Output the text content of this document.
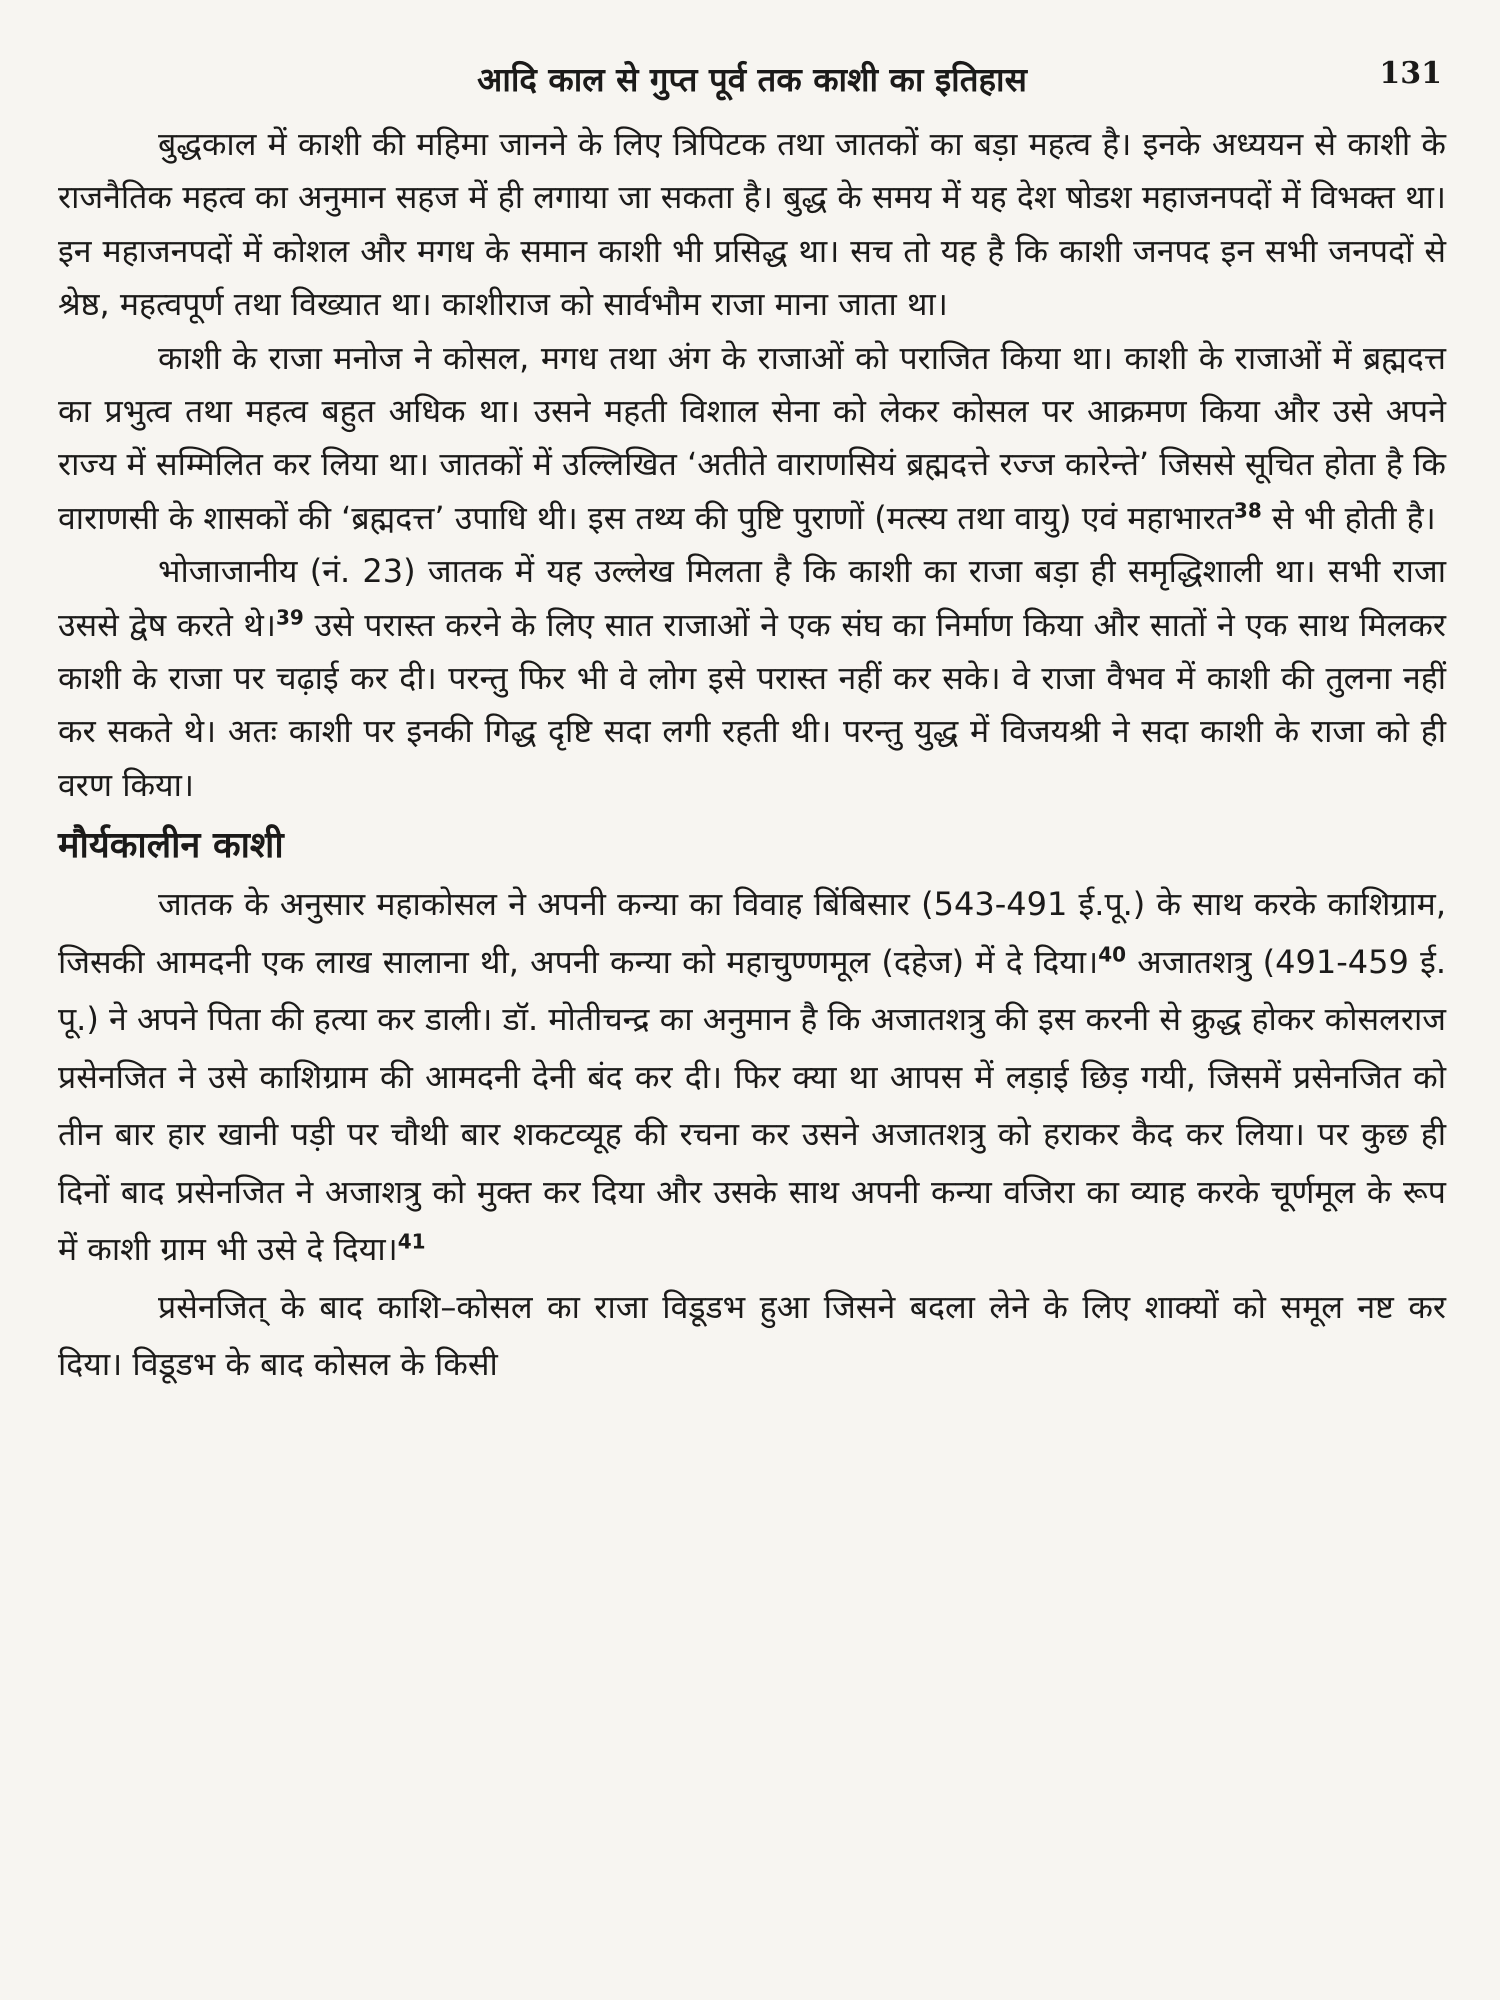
आदि काल से गुप्त पूर्व तक काशी का इतिहास	131

बुद्धकाल में काशी की महिमा जानने के लिए त्रिपिटक तथा जातकों का बड़ा महत्व है। इनके अध्ययन से काशी के राजनैतिक महत्व का अनुमान सहज में ही लगाया जा सकता है। बुद्ध के समय में यह देश षोडश महाजनपदों में विभक्त था। इन महाजनपदों में कोशल और मगध के समान काशी भी प्रसिद्ध था। सच तो यह है कि काशी जनपद इन सभी जनपदों से श्रेष्ठ, महत्वपूर्ण तथा विख्यात था। काशीराज को सार्वभौम राजा माना जाता था।

काशी के राजा मनोज ने कोसल, मगध तथा अंग के राजाओं को पराजित किया था। काशी के राजाओं में ब्रह्मदत्त का प्रभुत्व तथा महत्व बहुत अधिक था। उसने महती विशाल सेना को लेकर कोसल पर आक्रमण किया और उसे अपने राज्य में सम्मिलित कर लिया था। जातकों में उल्लिखित ‘अतीते वाराणसियं ब्रह्मदत्ते रज्ज कारेन्ते’ जिससे सूचित होता है कि वाराणसी के शासकों की ‘ब्रह्मदत्त’ उपाधि थी। इस तथ्य की पुष्टि पुराणों (मत्स्य तथा वायु) एवं महाभारत$^{38}$ से भी होती है।

भोजाजानीय (नं. 23) जातक में यह उल्लेख मिलता है कि काशी का राजा बड़ा ही समृद्धिशाली था। सभी राजा उससे द्वेष करते थे।$^{39}$ उसे परास्त करने के लिए सात राजाओं ने एक संघ का निर्माण किया और सातों ने एक साथ मिलकर काशी के राजा पर चढ़ाई कर दी। परन्तु फिर भी वे लोग इसे परास्त नहीं कर सके। वे राजा वैभव में काशी की तुलना नहीं कर सकते थे। अतः काशी पर इनकी गिद्ध दृष्टि सदा लगी रहती थी। परन्तु युद्ध में विजयश्री ने सदा काशी के राजा को ही वरण किया।

मौर्यकालीन काशी

जातक के अनुसार महाकोसल ने अपनी कन्या का विवाह बिंबिसार (543-491 ई.पू.) के साथ करके काशिग्राम, जिसकी आमदनी एक लाख सालाना थी, अपनी कन्या को महाचुण्णमूल (दहेज) में दे दिया।$^{40}$ अजातशत्रु (491-459 ई. पू.) ने अपने पिता की हत्या कर डाली। डॉ. मोतीचन्द्र का अनुमान है कि अजातशत्रु की इस करनी से क्रुद्ध होकर कोसलराज प्रसेनजित ने उसे काशिग्राम की आमदनी देनी बंद कर दी। फिर क्या था आपस में लड़ाई छिड़ गयी, जिसमें प्रसेनजित को तीन बार हार खानी पड़ी पर चौथी बार शकटव्यूह की रचना कर उसने अजातशत्रु को हराकर कैद कर लिया। पर कुछ ही दिनों बाद प्रसेनजित ने अजाशत्रु को मुक्त कर दिया और उसके साथ अपनी कन्या वजिरा का व्याह करके चूर्णमूल के रूप में काशी ग्राम भी उसे दे दिया।$^{41}$

प्रसेनजित् के बाद काशि–कोसल का राजा विडूडभ हुआ जिसने बदला लेने के लिए शाक्यों को समूल नष्ट कर दिया। विडूडभ के बाद कोसल के किसी
